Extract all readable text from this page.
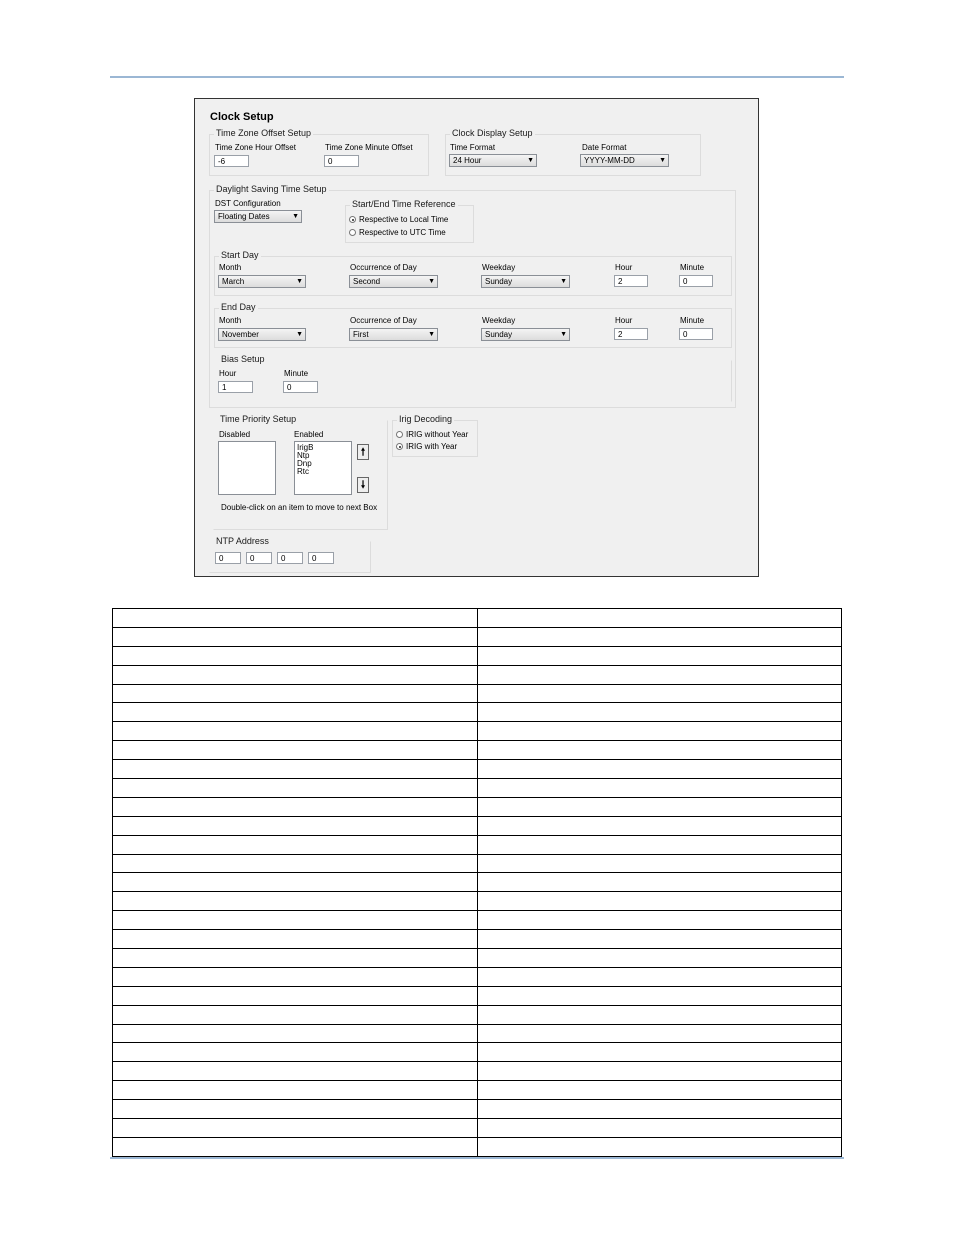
Clock Setup
Time Zone Offset Setup
Time Zone Hour Offset
-6
Time Zone Minute Offset
0
Clock Display Setup
Time Format
24 Hour	▼
Date Format
YYYY-MM-DD	▼
Daylight Saving Time Setup
DST Configuration
Floating Dates	▼
Start/End Time Reference
Respective to Local Time
Respective to UTC Time
Start Day
Month
March	▼
Occurrence of Day
Second	▼
Weekday
Sunday	▼
Hour
2
Minute
0
End Day
Month
November	▼
Occurrence of Day
First	▼
Weekday
Sunday	▼
Hour
2
Minute
0
Bias Setup
Hour
1
Minute
0
Time Priority Setup
Disabled	Enabled
IrigB
Ntp
Dnp
Rtc
🠕
🠗
Double-click on an item to move to next Box
Irig Decoding
IRIG without Year
IRIG with Year
NTP Address
0	0	0	0
